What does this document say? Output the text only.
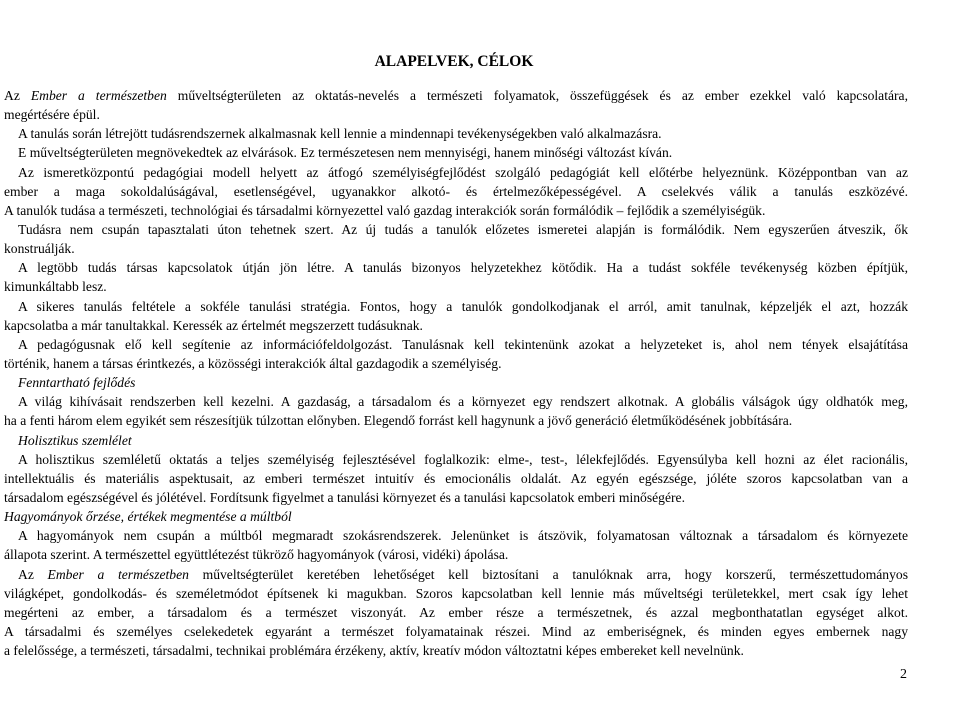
ALAPELVEK, CÉLOK
Az Ember a természetben műveltségterületen az oktatás-nevelés a természeti folyamatok, összefüggések és az ember ezekkel való kapcsolatára,
megértésére épül.
A tanulás során létrejött tudásrendszernek alkalmasnak kell lennie a mindennapi tevékenységekben való alkalmazásra.
E műveltségterületen megnövekedtek az elvárások. Ez természetesen nem mennyiségi, hanem minőségi változást kíván.
Az ismeretközpontú pedagógiai modell helyett az átfogó személyiségfejlődést szolgáló pedagógiát kell előtérbe helyeznünk. Középpontban van az
ember a maga sokoldalúságával, esetlenségével, ugyanakkor alkotó- és értelmezőképességével. A cselekvés válik a tanulás eszközévé.
A tanulók tudása a természeti, technológiai és társadalmi környezettel való gazdag interakciók során formálódik – fejlődik a személyiségük.
Tudásra nem csupán tapasztalati úton tehetnek szert. Az új tudás a tanulók előzetes ismeretei alapján is formálódik. Nem egyszerűen átveszik, ők
konstruálják.
A legtöbb tudás társas kapcsolatok útján jön létre. A tanulás bizonyos helyzetekhez kötődik. Ha a tudást sokféle tevékenység közben építjük,
kimunkáltabb lesz.
A sikeres tanulás feltétele a sokféle tanulási stratégia. Fontos, hogy a tanulók gondolkodjanak el arról, amit tanulnak, képzeljék el azt, hozzák
kapcsolatba a már tanultakkal. Keressék az értelmét megszerzett tudásuknak.
A pedagógusnak elő kell segítenie az információfeldolgozást. Tanulásnak kell tekintenünk azokat a helyzeteket is, ahol nem tények elsajátítása
történik, hanem a társas érintkezés, a közösségi interakciók által gazdagodik a személyiség.
Fenntartható fejlődés
A világ kihívásait rendszerben kell kezelni. A gazdaság, a társadalom és a környezet egy rendszert alkotnak. A globális válságok úgy oldhatók meg,
ha a fenti három elem egyikét sem részesítjük túlzottan előnyben. Elegendő forrást kell hagynunk a jövő generáció életműködésének jobbítására.
Holisztikus szemlélet
A holisztikus szemléletű oktatás a teljes személyiség fejlesztésével foglalkozik: elme-, test-, lélekfejlődés. Egyensúlyba kell hozni az élet racionális,
intellektuális és materiális aspektusait, az emberi természet intuitív és emocionális oldalát. Az egyén egészsége, jóléte szoros kapcsolatban van a
társadalom egészségével és jólétével. Fordítsunk figyelmet a tanulási környezet és a tanulási kapcsolatok emberi minőségére.
Hagyományok őrzése, értékek megmentése a múltból
A hagyományok nem csupán a múltból megmaradt szokásrendszerek. Jelenünket is átszövik, folyamatosan változnak a társadalom és környezete
állapota szerint. A természettel együttlétezést tükröző hagyományok (városi, vidéki) ápolása.
Az Ember a természetben műveltségterület keretében lehetőséget kell biztosítani a tanulóknak arra, hogy korszerű, természettudományos
világképet, gondolkodás- és személetmódot építsenek ki magukban. Szoros kapcsolatban kell lennie más műveltségi területekkel, mert csak így lehet
megérteni az ember, a társadalom és a természet viszonyát. Az ember része a természetnek, és azzal megbonthatatlan egységet alkot.
A társadalmi és személyes cselekedetek egyaránt a természet folyamatainak részei. Mind az emberiségnek, és minden egyes embernek nagy
a felelőssége, a természeti, társadalmi, technikai problémára érzékeny, aktív, kreatív módon változtatni képes embereket kell nevelnünk.
2
